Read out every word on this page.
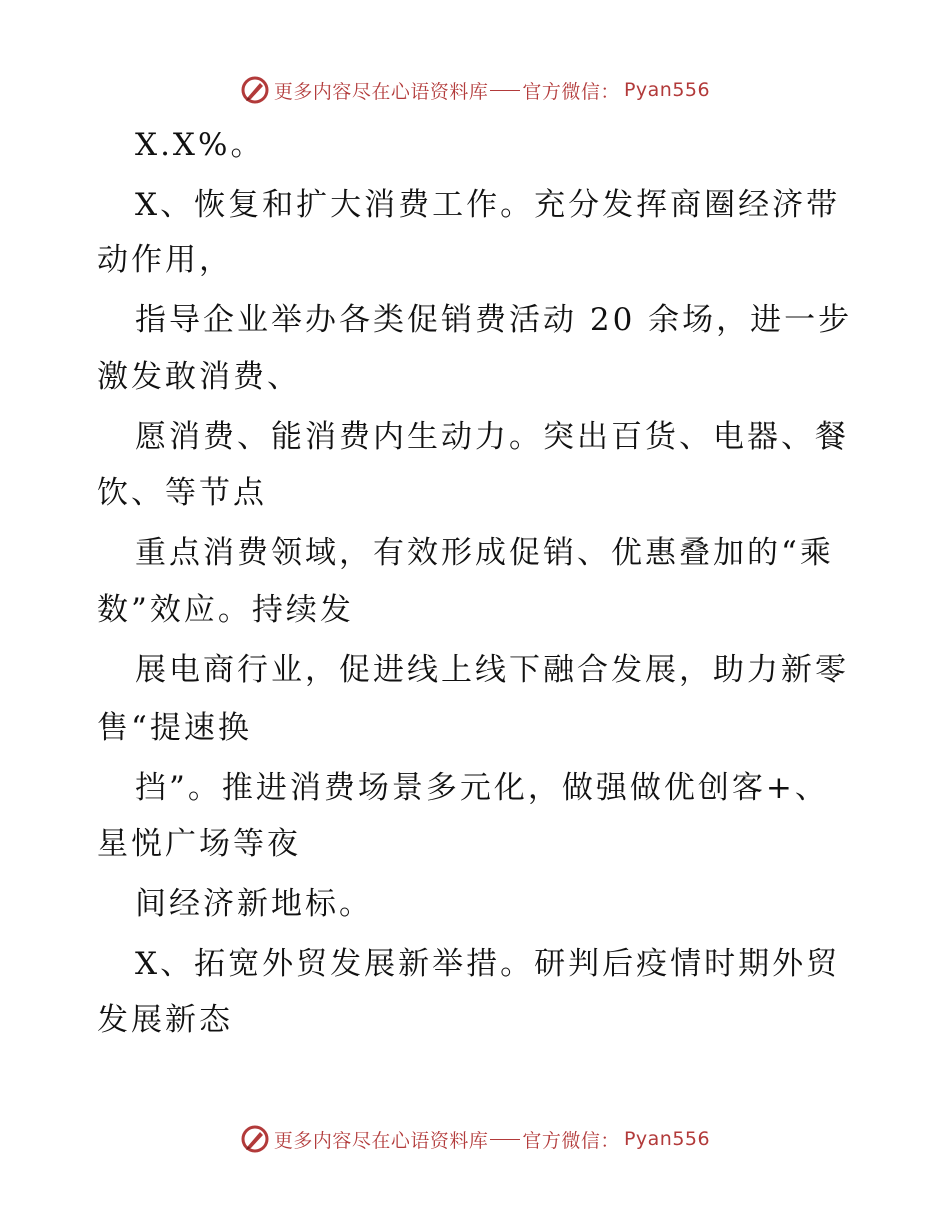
更多内容尽在心语资料库 官方微信： Pyan556
X.X%。
X、恢复和扩大消费工作。充分发挥商圈经济带
动作用，
指导企业举办各类促销费活动 20 余场，进一步
激发敢消费、
愿消费、能消费内生动力。突出百货、电器、餐
饮、等节点
重点消费领域，有效形成促销、优惠叠加的“乘
数”效应。持续发
展电商行业，促进线上线下融合发展，助力新零
售“提速换
挡”。推进消费场景多元化，做强做优创客+、
星悦广场等夜
间经济新地标。
X、拓宽外贸发展新举措。研判后疫情时期外贸
发展新态
更多内容尽在心语资料库 官方微信： Pyan556
